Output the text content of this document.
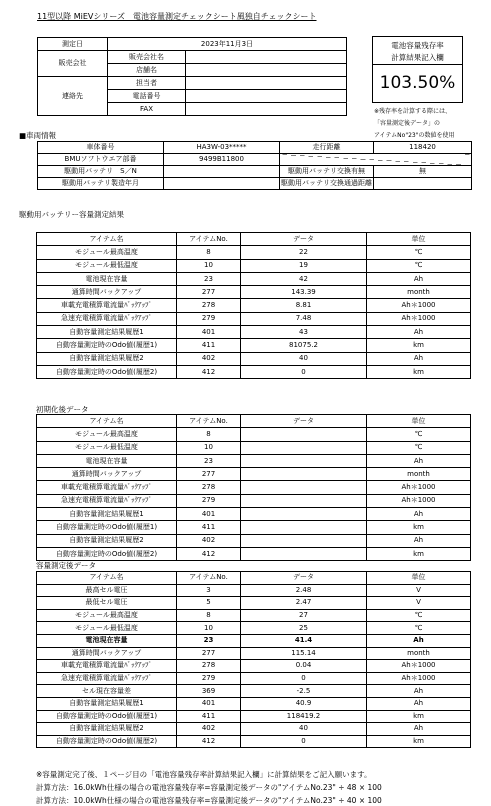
11型以降 MiEVシリーズ　電池容量測定チェックシート風独自チェックシート
測定日	2023年11月3日	
販売会社	販売会社名	
	店舗名	
連絡先	担当者	
	電話番号	
	FAX	
電池容量残存率
計算結果記入欄
103.50%
※残存率を計算する際には、
「容量測定後データ」の
アイテムNo"23"の数値を使用
■車両情報
車体番号	HA3W-03*****	走行距離	118420
BMUソフトウエア部番	9499B11800		
駆動用バッテリ　S／N		駆動用バッテリ交換有無	無
駆動用バッテリ製造年月		駆動用バッテリ交換通過距離	
駆動用バッテリー容量測定結果
アイテム名	アイテムNo.	データ	単位
モジュール最高温度	8	22	℃
モジュール最低温度	10	19	℃
電池現在容量	23	42	Ah
通算時間バックアップ	277	143.39	month
車載充電積算電流量ﾊﾞｯｸｱｯﾌﾟ	278	8.81	Ah＊1000
急速充電積算電流量ﾊﾞｯｸｱｯﾌﾟ	279	7.48	Ah＊1000
自動容量測定結果履歴1	401	43	Ah
自動容量測定時のOdo値(履歴1)	411	81075.2	km
自動容量測定結果履歴2	402	40	Ah
自動容量測定時のOdo値(履歴2)	412	0	km
初期化後データ
アイテム名	アイテムNo.	データ	単位
モジュール最高温度	8		℃
モジュール最低温度	10		℃
電池現在容量	23		Ah
通算時間バックアップ	277		month
車載充電積算電流量ﾊﾞｯｸｱｯﾌﾟ	278		Ah＊1000
急速充電積算電流量ﾊﾞｯｸｱｯﾌﾟ	279		Ah＊1000
自動容量測定結果履歴1	401		Ah
自動容量測定時のOdo値(履歴1)	411		km
自動容量測定結果履歴2	402		Ah
自動容量測定時のOdo値(履歴2)	412		km
容量測定後データ
アイテム名	アイテムNo.	データ	単位
最高セル電圧	3	2.48	V
最低セル電圧	5	2.47	V
モジュール最高温度	8	27	℃
モジュール最低温度	10	25	℃
電池現在容量	23	41.4	Ah
通算時間バックアップ	277	115.14	month
車載充電積算電流量ﾊﾞｯｸｱｯﾌﾟ	278	0.04	Ah＊1000
急速充電積算電流量ﾊﾞｯｸｱｯﾌﾟ	279	0	Ah＊1000
セル現在容量差	369	-2.5	Ah
自動容量測定結果履歴1	401	40.9	Ah
自動容量測定時のOdo値(履歴1)	411	118419.2	km
自動容量測定結果履歴2	402	40	Ah
自動容量測定時のOdo値(履歴2)	412	0	km
※容量測定完了後、１ページ目の「電池容量残存率計算結果記入欄」に計算結果をご記入願います。
計算方法：16.0kWh仕様の場合の電池容量残存率=容量測定後データの"アイテムNo.23" ÷ 48 × 100
計算方法：10.0kWh仕様の場合の電池容量残存率=容量測定後データの"アイテムNo.23" ÷ 40 × 100
